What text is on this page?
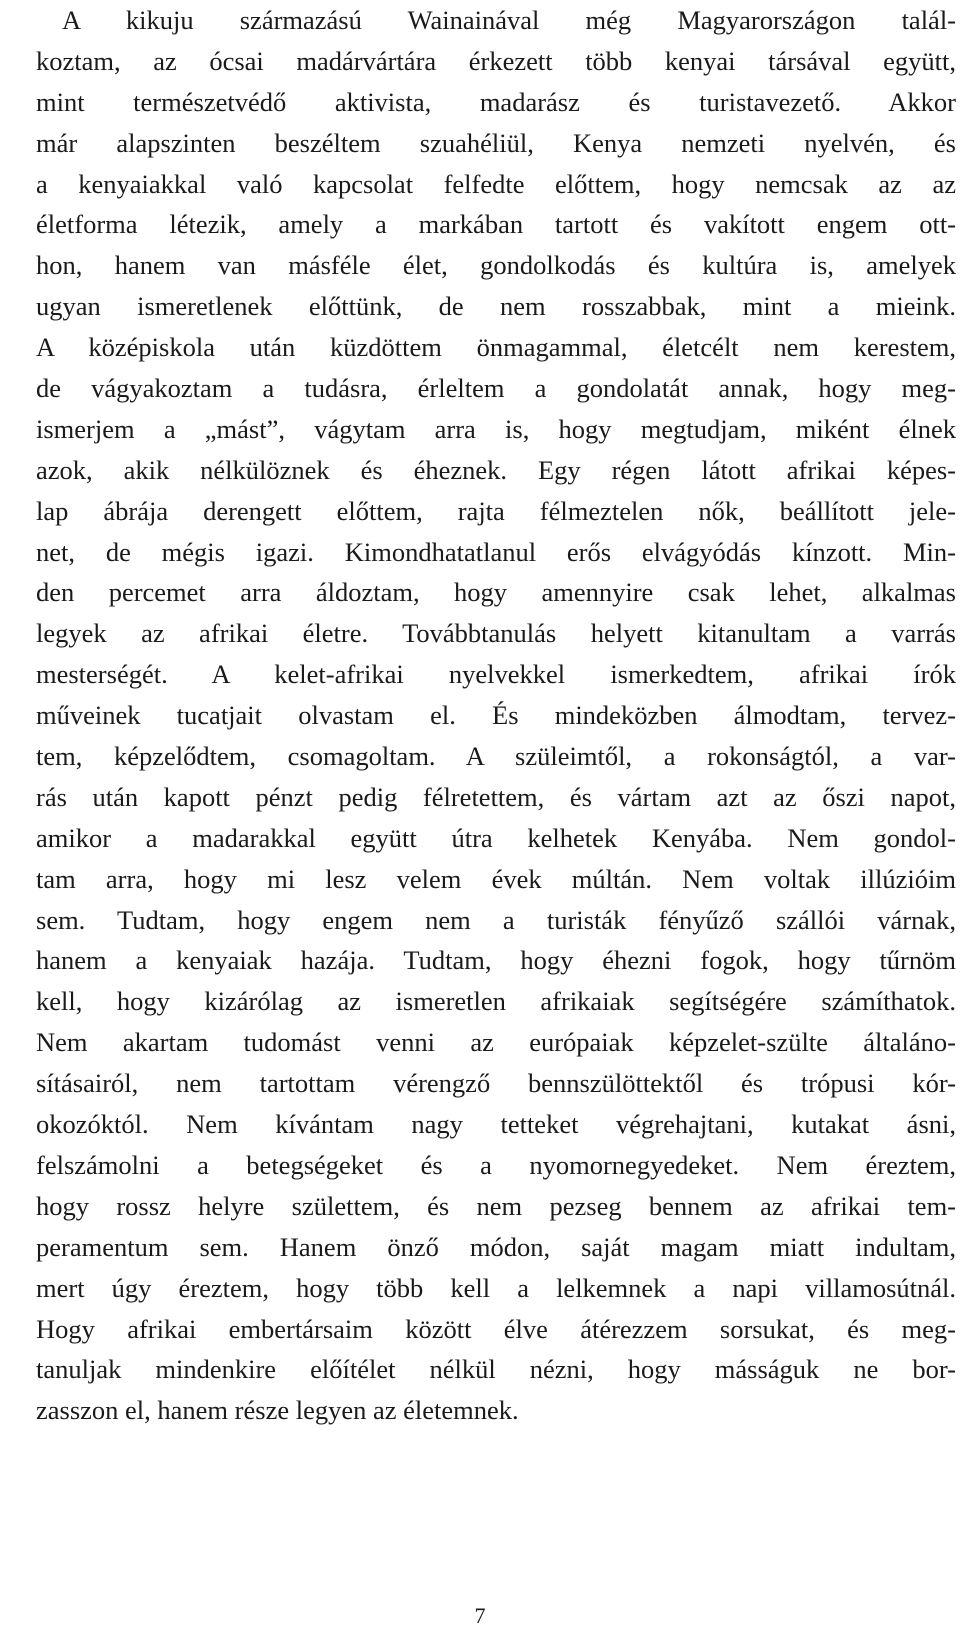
A kikuju származású Wainainával még Magyarországon talál-
koztam, az ócsai madárvártára érkezett több kenyai társával együtt,
mint természetvédő aktivista, madarász és turistavezető. Akkor
már alapszinten beszéltem szuahéliül, Kenya nemzeti nyelvén, és
a kenyaiakkal való kapcsolat felfedte előttem, hogy nemcsak az az
életforma létezik, amely a markában tartott és vakított engem ott-
hon, hanem van másféle élet, gondolkodás és kultúra is, amelyek
ugyan ismeretlenek előttünk, de nem rosszabbak, mint a mieink.
A középiskola után küzdöttem önmagammal, életcélt nem kerestem,
de vágyakoztam a tudásra, érleltem a gondolatát annak, hogy meg-
ismerjem a „mást”, vágytam arra is, hogy megtudjam, miként élnek
azok, akik nélkülöznek és éheznek. Egy régen látott afrikai képes-
lap ábrája derengett előttem, rajta félmeztelen nők, beállított jele-
net, de mégis igazi. Kimondhatatlanul erős elvágyódás kínzott. Min-
den percemet arra áldoztam, hogy amennyire csak lehet, alkalmas
legyek az afrikai életre. Továbbtanulás helyett kitanultam a varrás
mesterségét. A kelet-afrikai nyelvekkel ismerkedtem, afrikai írók
műveinek tucatjait olvastam el. És mindeközben álmodtam, tervez-
tem, képzelődtem, csomagoltam. A szüleimtől, a rokonságtól, a var-
rás után kapott pénzt pedig félretettem, és vártam azt az őszi napot,
amikor a madarakkal együtt útra kelhetek Kenyába. Nem gondol-
tam arra, hogy mi lesz velem évek múltán. Nem voltak illúzióim
sem. Tudtam, hogy engem nem a turisták fényűző szállói várnak,
hanem a kenyaiak hazája. Tudtam, hogy éhezni fogok, hogy tűrnöm
kell, hogy kizárólag az ismeretlen afrikaiak segítségére számíthatok.
Nem akartam tudomást venni az európaiak képzelet-szülte általáno-
sításairól, nem tartottam vérengző bennszülöttektől és trópusi kór-
okozóktól. Nem kívántam nagy tetteket végrehajtani, kutakat ásni,
felszámolni a betegségeket és a nyomornegyedeket. Nem éreztem,
hogy rossz helyre születtem, és nem pezseg bennem az afrikai tem-
peramentum sem. Hanem önző módon, saját magam miatt indultam,
mert úgy éreztem, hogy több kell a lelkemnek a napi villamosútnál.
Hogy afrikai embertársaim között élve átérezzem sorsukat, és meg-
tanuljak mindenkire előítélet nélkül nézni, hogy másságuk ne bor-
zasszon el, hanem része legyen az életemnek.
7
